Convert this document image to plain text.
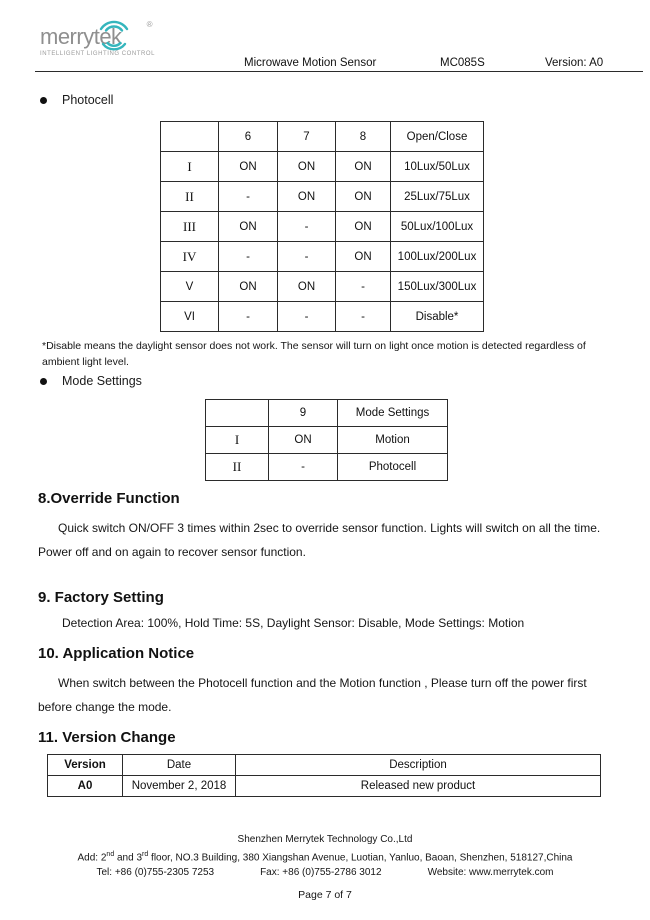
merrytek	®
INTELLIGENT LIGHTING CONTROL
Microwave Motion Sensor	MC085S	Version: A0
Photocell
	6	7	8	Open/Close
I	ON	ON	ON	10Lux/50Lux
II	-	ON	ON	25Lux/75Lux
III	ON	-	ON	50Lux/100Lux
IV	-	-	ON	100Lux/200Lux
V	ON	ON	-	150Lux/300Lux
VI	-	-	-	Disable*
*Disable means the daylight sensor does not work. The sensor will turn on light once motion is detected regardless of ambient light level.
Mode Settings
	9	Mode Settings
I	ON	Motion
II	-	Photocell
8.Override Function
Quick switch ON/OFF 3 times within 2sec to override sensor function. Lights will switch on all the time. Power off and on again to recover sensor function.
9. Factory Setting
Detection Area: 100%, Hold Time: 5S, Daylight Sensor: Disable, Mode Settings: Motion
10. Application Notice
When switch between the Photocell function and the Motion function , Please turn off the power first before change the mode.
11. Version Change
Version	Date	Description
A0	November 2, 2018	Released new product
Shenzhen Merrytek Technology Co.,Ltd
Add: 2nd and 3rd floor, NO.3 Building, 380 Xiangshan Avenue, Luotian, Yanluo, Baoan, Shenzhen, 518127,China
Tel: +86 (0)755-2305 7253	Fax: +86 (0)755-2786 3012	Website: www.merrytek.com
Page 7 of 7
